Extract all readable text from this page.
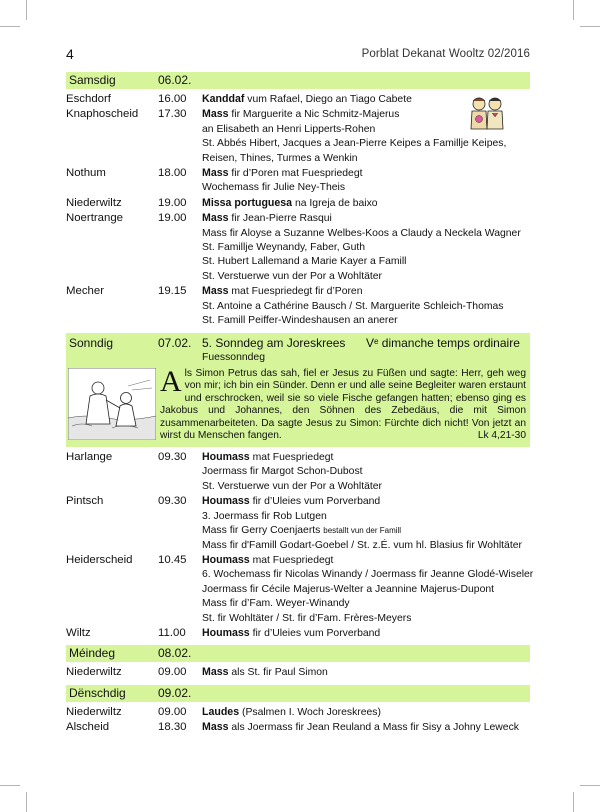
4	Porblat Dekanat Wooltz 02/2016
Samsdig	06.02.
Eschdorf	16.00	Kanddaf vum Rafael, Diego an Tiago Cabete
Knaphoscheid	17.30	Mass fir Marguerite a Nic Schmitz-Majerus
an Elisabeth an Henri Lipperts-Rohen
St. Abbés Hibert, Jacques a Jean-Pierre Keipes a Famillje Keipes,
Reisen, Thines, Turmes a Wenkin
Nothum	18.00	Mass fir d’Poren mat Fuespriedegt
Wochemass fir Julie Ney-Theis
Niederwiltz	19.00	Missa portuguesa na Igreja de baixo
Noertrange	19.00	Mass fir Jean-Pierre Rasqui
Mass fir Aloyse a Suzanne Welbes-Koos a Claudy a Neckela Wagner
St. Famillje Weynandy, Faber, Guth
St. Hubert Lallemand a Marie Kayer a Famill
St. Verstuerwe vun der Por a Wohltäter
Mecher	19.15	Mass mat Fuespriedegt fir d’Poren
St. Antoine a Cathérine Bausch / St. Marguerite Schleich-Thomas
St. Famill Peiffer-Windeshausen an anerer
Sonndig	07.02. 5. Sonndeg am Joreskrees Vᵉ dimanche temps ordinaire
Fuessonndeg
Als Simon Petrus das sah, fiel er Jesus zu Füßen und sagte: Herr, geh weg von mir; ich bin ein Sünder. Denn er und alle seine Begleiter waren erstaunt und erschrocken, weil sie so viele Fische gefangen hatten; ebenso ging es Jakobus und Johannes, den Söhnen des Zebedäus, die mit Simon zusammenarbeiteten. Da sagte Jesus zu Simon: Fürchte dich nicht! Von jetzt an wirst du Menschen fangen.	Lk 4,21-30
Harlange	09.30	Houmass mat Fuespriedegt
Joermass fir Margot Schon-Dubost
St. Verstuerwe vun der Por a Wohltäter
Pintsch	09.30	Houmass fir d’Uleies vum Porverband
3. Joermass fir Rob Lutgen
Mass fir Gerry Coenjaerts bestallt vun der Famill
Mass fir d'Famill Godart-Goebel / St. z.É. vum hl. Blasius fir Wohltäter
Heiderscheid	10.45	Houmass mat Fuespriedegt
6. Wochemass fir Nicolas Winandy / Joermass fir Jeanne Glodé-Wiseler
Joermass fir Cécile Majerus-Welter a Jeannine Majerus-Dupont
Mass fir d’Fam. Weyer-Winandy
St. fir Wohltäter / St. fir d’Fam. Frères-Meyers
Wiltz	11.00	Houmass fir d’Uleies vum Porverband
Méindeg	08.02.
Niederwiltz	09.00	Mass als St. fir Paul Simon
Dënschdig	09.02.
Niederwiltz	09.00	Laudes (Psalmen I. Woch Joreskrees)
Alscheid	18.30	Mass als Joermass fir Jean Reuland a Mass fir Sisy a Johny Leweck
